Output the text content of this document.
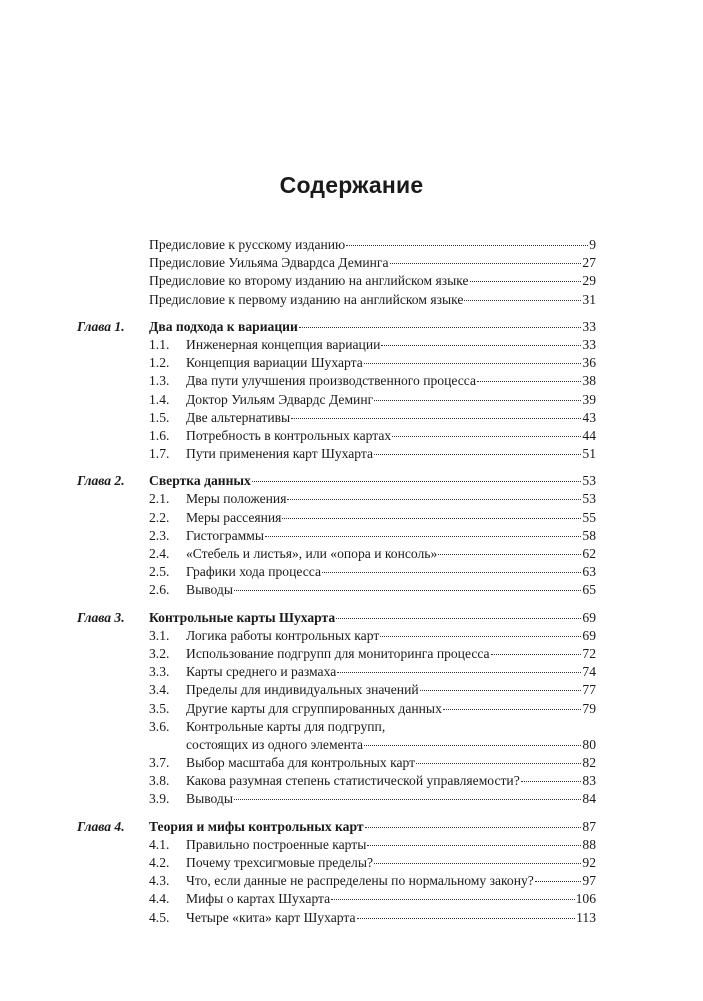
Содержание
Предисловие к русскому изданию	9
Предисловие Уильяма Эдвардса Деминга	27
Предисловие ко второму изданию на английском языке	29
Предисловие к первому изданию на английском языке	31
Глава 1. Два подхода к вариации	33
1.1. Инженерная концепция вариации	33
1.2. Концепция вариации Шухарта	36
1.3. Два пути улучшения производственного процесса	38
1.4. Доктор Уильям Эдвардс Деминг	39
1.5. Две альтернативы	43
1.6. Потребность в контрольных картах	44
1.7. Пути применения карт Шухарта	51
Глава 2. Свертка данных	53
2.1. Меры положения	53
2.2. Меры рассеяния	55
2.3. Гистограммы	58
2.4. «Стебель и листья», или «опора и консоль»	62
2.5. Графики хода процесса	63
2.6. Выводы	65
Глава 3. Контрольные карты Шухарта	69
3.1. Логика работы контрольных карт	69
3.2. Использование подгрупп для мониторинга процесса	72
3.3. Карты среднего и размаха	74
3.4. Пределы для индивидуальных значений	77
3.5. Другие карты для сгруппированных данных	79
3.6. Контрольные карты для подгрупп,
состоящих из одного элемента	80
3.7. Выбор масштаба для контрольных карт	82
3.8. Какова разумная степень статистической управляемости?	83
3.9. Выводы	84
Глава 4. Теория и мифы контрольных карт	87
4.1. Правильно построенные карты	88
4.2. Почему трехсигмовые пределы?	92
4.3. Что, если данные не распределены по нормальному закону?	97
4.4. Мифы о картах Шухарта	106
4.5. Четыре «кита» карт Шухарта	113
